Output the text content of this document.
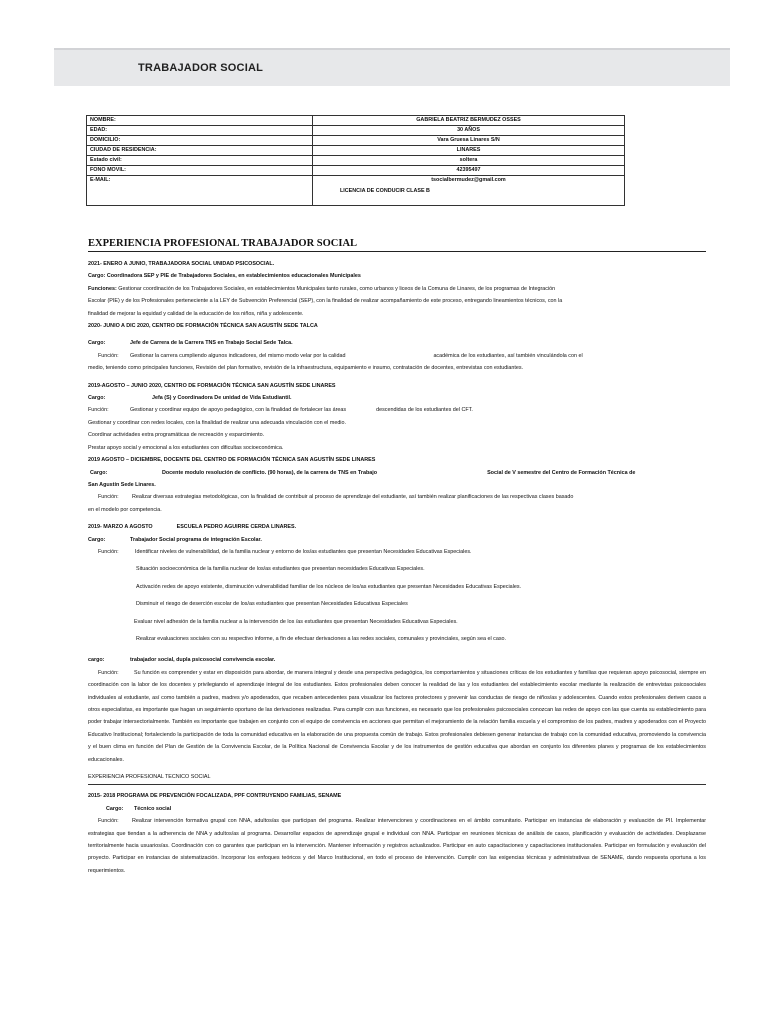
TRABAJADOR SOCIAL
NOMBRE:	GABRIELA BEATRIZ BERMUDEZ OSSES
EDAD:	30 AÑOS
DOMICILIO:	Vara Gruesa Linares S/N
CIUDAD DE RESIDENCIA:	LINARES
Estado civil:	soltera
FONO MOVIL:	42395497
E-MAIL:	tsocialbermudez@gmail.com
LICENCIA DE CONDUCIR CLASE B
EXPERIENCIA PROFESIONAL TRABAJADOR SOCIAL

2021- ENERO A JUNIO, TRABAJADORA SOCIAL UNIDAD PSICOSOCIAL.

Cargo: Coordinadora SEP y PIE de Trabajadores Sociales, en establecimientos educacionales Municipales

Funciones: Gestionar coordinación de los Trabajadores Sociales, en establecimientos Municipales tanto rurales, como urbanos y liceos de la Comuna de Linares, de los programas de Integración

Escolar (PIE) y de los Profesionales perteneciente a la LEY de Subvención Preferencial (SEP), con la finalidad de realizar acompañamiento de este proceso, entregando lineamientos técnicos, con la

finalidad de mejorar la equidad y calidad de la educación de los niños, niña y adolescente.

2020- JUNIO A DIC 2020, CENTRO DE FORMACIÓN TÉCNICA SAN AGUSTÍN SEDE TALCA

Cargo:	Jefe de Carrera de la Carrera TNS en Trabajo Social Sede Talca.

Función: Gestionar la carrera cumpliendo algunos indicadores, del mismo modo velar por la calidad	académica de los estudiantes, así también vinculándola con el

medio, teniendo como principales funciones, Revisión del plan formativo, revisión de la infraestructura, equipamiento e insumo, contratación de docentes, entrevistas con estudiantes.

2019-AGOSTO – JUNIO 2020, CENTRO DE FORMACIÓN TÉCNICA SAN AGUSTÍN SEDE LINARES

Cargo:	Jefa (S) y Coordinadora De unidad de Vida Estudiantil.

Función:	Gestionar y coordinar equipo de apoyo pedagógico, con la finalidad de fortalecer las áreas	descendidas de los estudiantes del CFT.

Gestionar y coordinar con redes locales, con la finalidad de realizar una adecuada vinculación con el medio.

Coordinar actividades extra programáticas de recreación y esparcimiento.

Prestar apoyo social y emocional a los estudiantes con dificultas socioeconómica.

2019 AGOSTO – DICIEMBRE, DOCENTE DEL CENTRO DE FORMACIÓN TÉCNICA SAN AGUSTÍN SEDE LINARES

Cargo:	Docente modulo resolución de conflicto. (90 horas), de la carrera de TNS en Trabajo	Social de V semestre del Centro de Formación Técnica de

San Agustín Sede Linares.

Función: Realizar diversas estrategias metodológicas, con la finalidad de contribuir al proceso de aprendizaje del estudiante, así también realizar planificaciones de las respectivas clases basado

en el modelo por competencia.

2019- MARZO A AGOSTO	ESCUELA PEDRO AGUIRRE CERDA LINARES.

Cargo:	Trabajador Social programa de integración Escolar.

Función:	Identificar niveles de vulnerabilidad, de la familia nuclear y entorno de los/as estudiantes que presentan Necesidades Educativas Especiales.

Situación socioeconómica de la familia nuclear de los/as estudiantes que presentan necesidades Educativas Especiales.

Activación redes de apoyo existente, disminución vulnerabilidad familiar de los núcleos de los/as estudiantes que presentan Necesidades Educativas Especiales.

Disminuir el riesgo de deserción escolar de los/as estudiantes que presentan Necesidades Educativas Especiales

Evaluar nivel adhesión de la familia nuclear a la intervención de los /as estudiantes que presentan Necesidades Educativas Especiales.

Realizar evaluaciones sociales con su respectivo informe, a fin de efectuar derivaciones a las redes sociales, comunales y provinciales, según sea el caso.

cargo:	trabajador social, dupla psicosocial convivencia escolar.

Función:	Su función es comprender y estar en disposición para abordar, de manera integral y desde una perspectiva pedagógica, los comportamientos y situaciones críticas de los estudiantes y familias que requieran apoyo psicosocial, siempre en coordinación con la labor de los docentes y privilegiando el aprendizaje integral de los estudiantes. Estos profesionales deben conocer la realidad de las y los estudiantes del establecimiento escolar mediante la realización de entrevistas psicosociales individuales al estudiante, así como también a padres, madres y/o apoderados, que recaben antecedentes para visualizar los factores protectores y prevenir las conductas de riesgo de niños/as y adolescentes. Cuando estos profesionales deriven casos a otros especialistas, es importante que hagan un seguimiento oportuno de las derivaciones realizadas. Para cumplir con sus funciones, es necesario que los profesionales psicosociales conozcan las redes de apoyo con las que cuenta su establecimiento para poder trabajar intersectorialmente. También es importante que trabajen en conjunto con el equipo de convivencia en acciones que permitan el mejoramiento de la relación familia escuela y el compromiso de los padres, madres y apoderados con el Proyecto Educativo Institucional; fortaleciendo la participación de toda la comunidad educativa en la elaboración de una propuesta común de trabajo. Estos profesionales debiesen generar instancias de trabajo con la comunidad educativa, promoviendo la convivencia y el buen clima en función del Plan de Gestión de la Convivencia Escolar, de la Política Nacional de Convivencia Escolar y de los instrumentos de gestión educativa que abordan en conjunto los diferentes planes y programas de los establecimientos educacionales.

EXPERIENCIA PROFESIONAL TECNICO SOCIAL

2015- 2018 PROGRAMA DE PREVENCIÓN FOCALIZADA, PPF CONTRUYENDO FAMILIAS, SENAME

Cargo: Técnico social

Función: Realizar intervención formativa grupal con NNA, adultos/as que participan del programa. Realizar intervenciones y coordinaciones en el ámbito comunitario. Participar en instancias de elaboración y evaluación de PII. Implementar estrategias que tiendan a la adherencia de NNA y adultos/as al programa. Desarrollar espacios de aprendizaje grupal e individual con NNA. Participar en reuniones técnicas de análisis de casos, planificación y evaluación de actividades. Desplazarse territorialmente hacia usuarios/as. Coordinación con co garantes que participan en la intervención. Mantener información y registros actualizados. Participar en auto capacitaciones y capacitaciones institucionales. Participar en formulación y evaluación del proyecto. Participar en instancias de sistematización. Incorporar los enfoques teóricos y del Marco Institucional, en todo el proceso de intervención. Cumplir con las exigencias técnicas y administrativas de SENAME, dando respuesta oportuna a los requerimientos.
